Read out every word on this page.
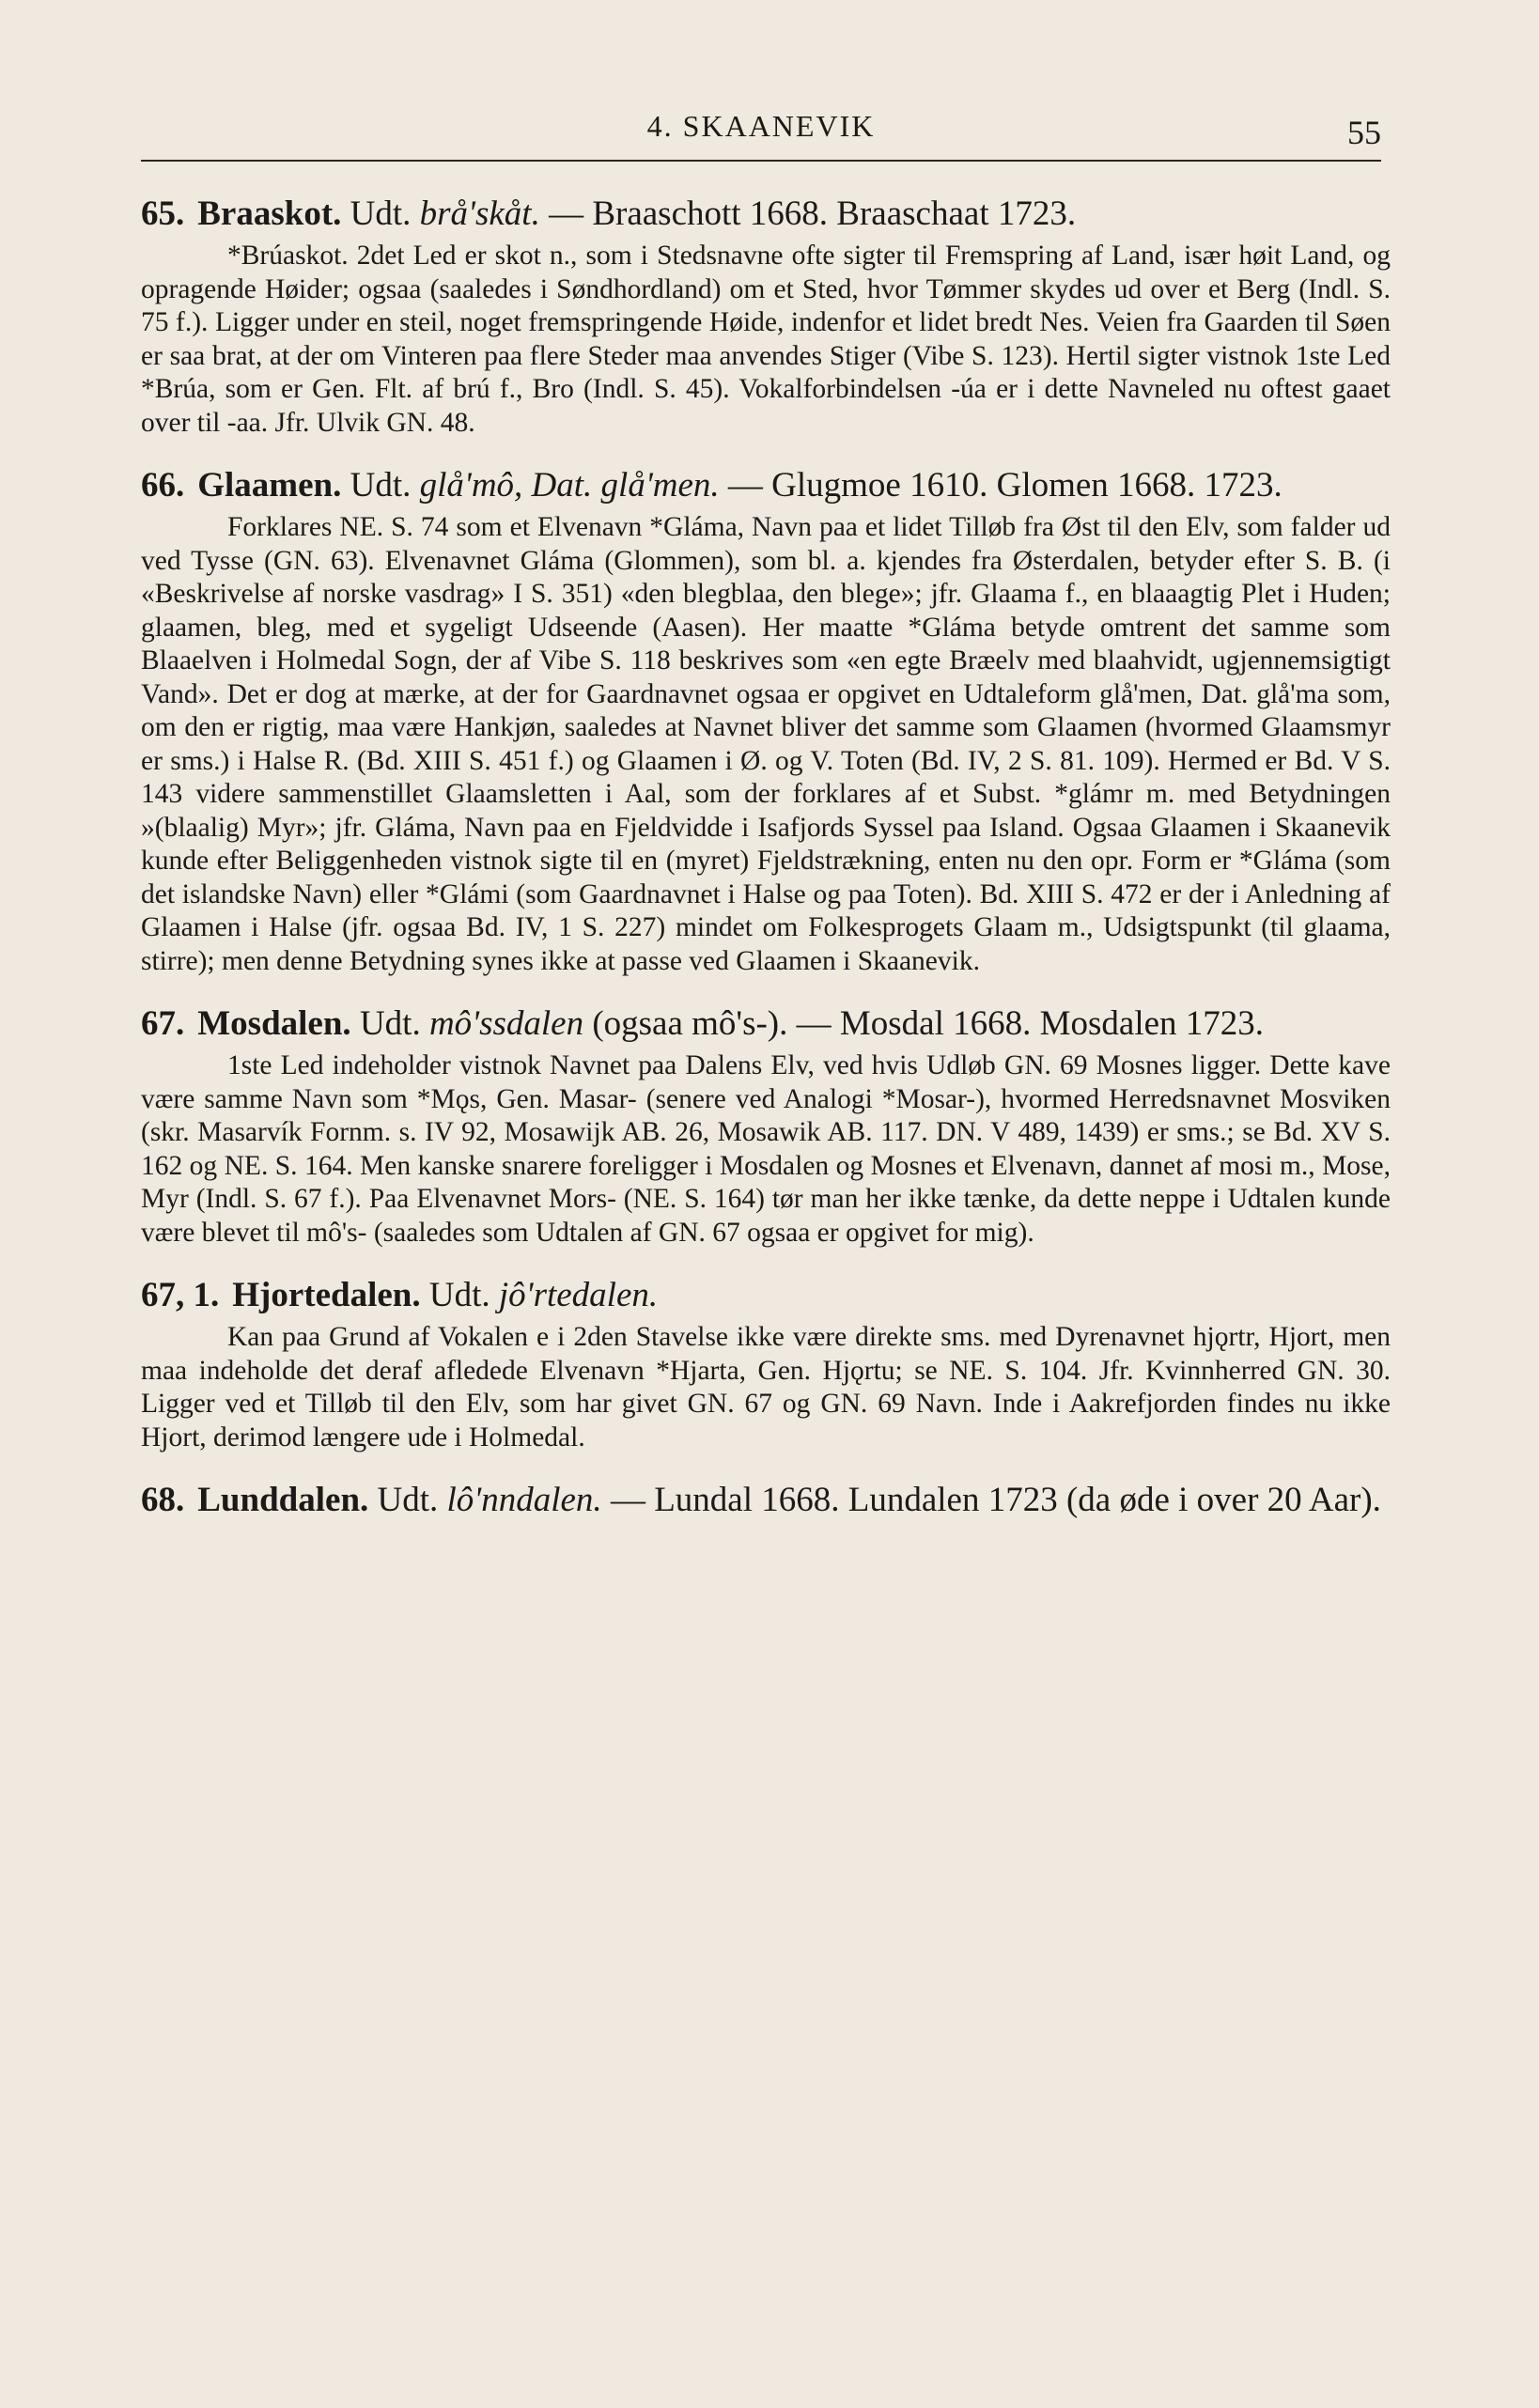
4. SKAANEVIK	55
65. Braaskot. Udt. brå'skåt. — Braaschott 1668. Braaschaat 1723.
*Brúaskot. 2det Led er skot n., som i Stedsnavne ofte sigter til Fremspring af Land, især høit Land, og opragende Høider; ogsaa (saaledes i Søndhordland) om et Sted, hvor Tømmer skydes ud over et Berg (Indl. S. 75 f.). Ligger under en steil, noget fremspringende Høide, indenfor et lidet bredt Nes. Veien fra Gaarden til Søen er saa brat, at der om Vinteren paa flere Steder maa anvendes Stiger (Vibe S. 123). Hertil sigter vistnok 1ste Led *Brúa, som er Gen. Flt. af brú f., Bro (Indl. S. 45). Vokalforbindelsen -úa er i dette Navneled nu oftest gaaet over til -aa. Jfr. Ulvik GN. 48.
66. Glaamen. Udt. glå'mô, Dat. glå'men. — Glugmoe 1610. Glomen 1668. 1723.
Forklares NE. S. 74 som et Elvenavn *Gláma, Navn paa et lidet Tilløb fra Øst til den Elv, som falder ud ved Tysse (GN. 63). Elvenavnet Gláma (Glommen), som bl. a. kjendes fra Østerdalen, betyder efter S. B. (i «Beskrivelse af norske vasdrag» I S. 351) «den blegblaa, den blege»; jfr. Glaama f., en blaaagtig Plet i Huden; glaamen, bleg, med et sygeligt Udseende (Aasen). Her maatte *Gláma betyde omtrent det samme som Blaaelven i Holmedal Sogn, der af Vibe S. 118 beskrives som «en egte Bræelv med blaahvidt, ugjennemsigtigt Vand». Det er dog at mærke, at der for Gaardnavnet ogsaa er opgivet en Udtaleform glå'men, Dat. glå'ma som, om den er rigtig, maa være Hankjøn, saaledes at Navnet bliver det samme som Glaamen (hvormed Glaamsmyr er sms.) i Halse R. (Bd. XIII S. 451 f.) og Glaamen i Ø. og V. Toten (Bd. IV, 2 S. 81. 109). Hermed er Bd. V S. 143 videre sammenstillet Glaamsletten i Aal, som der forklares af et Subst. *glámr m. med Betydningen »(blaalig) Myr»; jfr. Gláma, Navn paa en Fjeldvidde i Isafjords Syssel paa Island. Ogsaa Glaamen i Skaanevik kunde efter Beliggenheden vistnok sigte til en (myret) Fjeldstrækning, enten nu den opr. Form er *Gláma (som det islandske Navn) eller *Glámi (som Gaardnavnet i Halse og paa Toten). Bd. XIII S. 472 er der i Anledning af Glaamen i Halse (jfr. ogsaa Bd. IV, 1 S. 227) mindet om Folkesprogets Glaam m., Udsigtspunkt (til glaama, stirre); men denne Betydning synes ikke at passe ved Glaamen i Skaanevik.
67. Mosdalen. Udt. mô'ssdalen (ogsaa mô's-). — Mosdal 1668. Mosdalen 1723.
1ste Led indeholder vistnok Navnet paa Dalens Elv, ved hvis Udløb GN. 69 Mosnes ligger. Dette kave være samme Navn som *Mǫs, Gen. Masar- (senere ved Analogi *Mosar-), hvormed Herredsnavnet Mosviken (skr. Masarvík Fornm. s. IV 92, Mosawijk AB. 26, Mosawik AB. 117. DN. V 489, 1439) er sms.; se Bd. XV S. 162 og NE. S. 164. Men kanske snarere foreligger i Mosdalen og Mosnes et Elvenavn, dannet af mosi m., Mose, Myr (Indl. S. 67 f.). Paa Elvenavnet Mors- (NE. S. 164) tør man her ikke tænke, da dette neppe i Udtalen kunde være blevet til mô's- (saaledes som Udtalen af GN. 67 ogsaa er opgivet for mig).
67, 1. Hjortedalen. Udt. jô'rtedalen.
Kan paa Grund af Vokalen e i 2den Stavelse ikke være direkte sms. med Dyrenavnet hjǫrtr, Hjort, men maa indeholde det deraf afledede Elvenavn *Hjarta, Gen. Hjǫrtu; se NE. S. 104. Jfr. Kvinnherred GN. 30. Ligger ved et Tilløb til den Elv, som har givet GN. 67 og GN. 69 Navn. Inde i Aakrefjorden findes nu ikke Hjort, derimod længere ude i Holmedal.
68. Lunddalen. Udt. lô'nndalen. — Lundal 1668. Lundalen 1723 (da øde i over 20 Aar).
